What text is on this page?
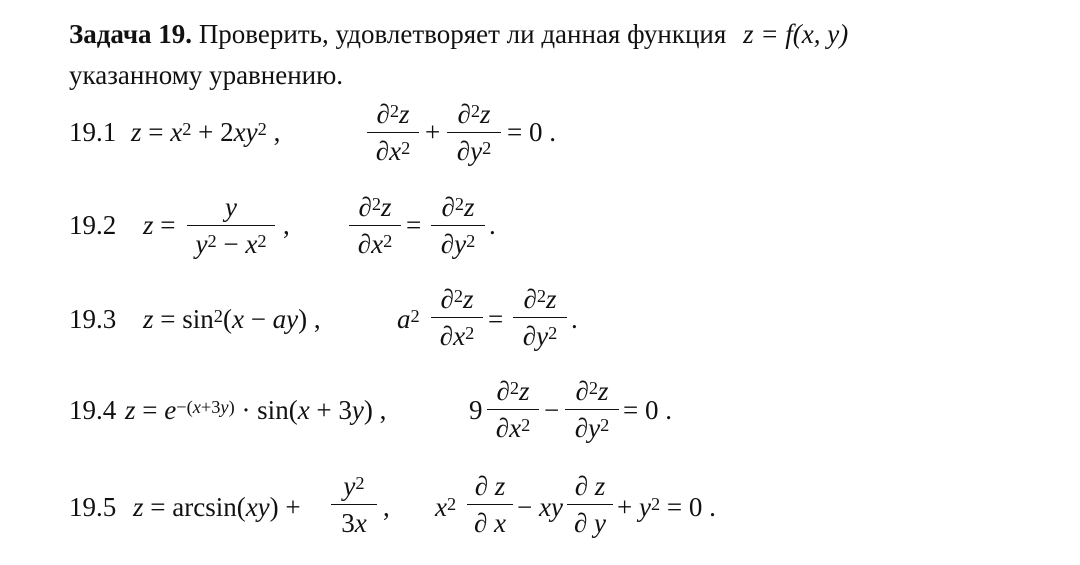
Задача 19. Проверить, удовлетворяет ли данная функция z = f(x, y)
указанному уравнению.
19.1 $z = x^2 + 2xy^2$ ,
∂$^2$z
$\partial x^2$
+
∂$^2$z
$\partial y^2$
= 0 .
19.2 z =
y
$y^2 - x^2$
,
∂$^2$z
$\partial x^2$
=
∂$^2$z
$\partial y^2$
.
19.3 $z = \sin^2(x - ay)$ ,	$a^2$
∂$^2$z
$\partial x^2$ =
∂$^2$z
$\partial y^2$ .
19.4 $z = e^{-(x+3y)} \cdot \sin(x + 3y)$ ,	9
∂$^2$z
$\partial x^2$ −
∂$^2$z
$\partial y^2 = 0$ .
19.5 z = arcsin(xy) +
$y^2$
3x
, $x^2$
∂ z
∂ x
− xy
∂ z
∂ y
+ $y^2 = 0$ .
